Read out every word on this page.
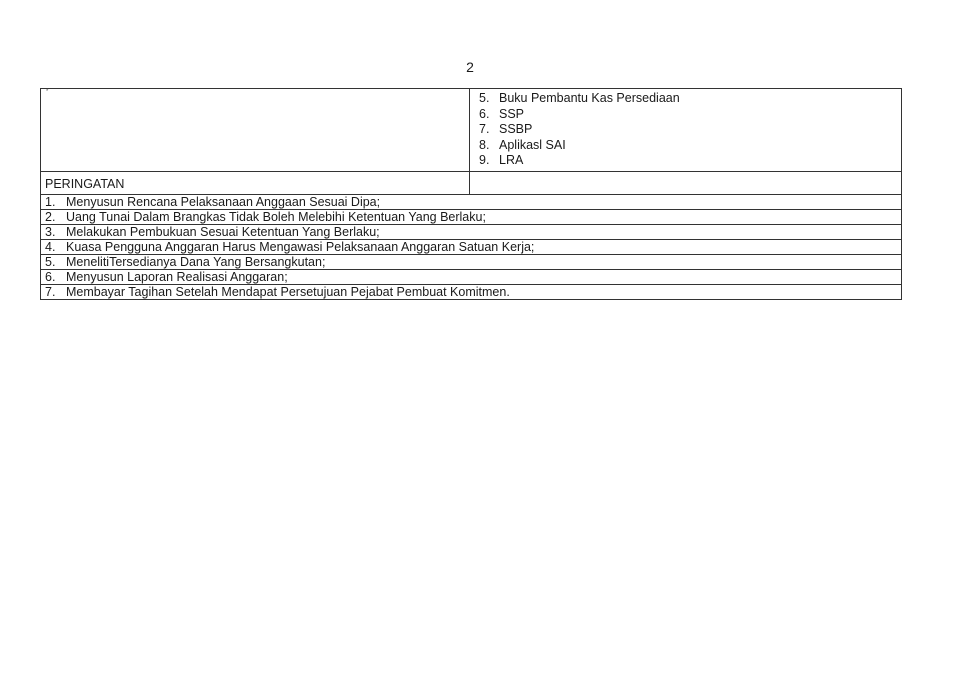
2
*	5. Buku Pembantu Kas Persediaan
6. SSP
7. SSBP
8. Aplikasl SAI
9. LRA
PERINGATAN
1. Menyusun Rencana Pelaksanaan Anggaan Sesuai Dipa;
2. Uang Tunai Dalam Brangkas Tidak Boleh Melebihi Ketentuan Yang Berlaku;
3. Melakukan Pembukuan Sesuai Ketentuan Yang Berlaku;
4. Kuasa Pengguna Anggaran Harus Mengawasi Pelaksanaan Anggaran Satuan Kerja;
5. MenelitiTersedianya Dana Yang Bersangkutan;
6. Menyusun Laporan Realisasi Anggaran;
7. Membayar Tagihan Setelah Mendapat Persetujuan Pejabat Pembuat Komitmen.
